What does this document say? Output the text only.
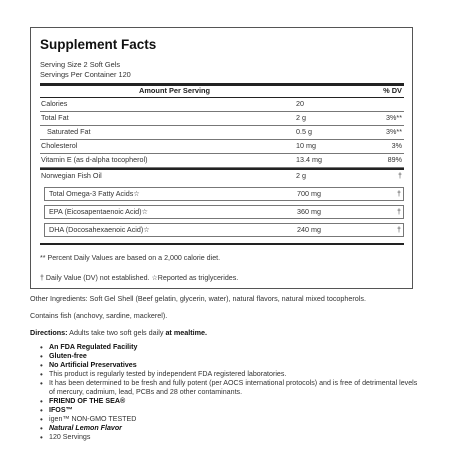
Supplement Facts
Serving Size 2 Soft Gels
Servings Per Container 120
Amount Per Serving	% DV
Calories	20
Total Fat	2 g	3%**
Saturated Fat	0.5 g	3%**
Cholesterol	10 mg	3%
Vitamin E (as d-alpha tocopherol)	13.4 mg	89%
Norwegian Fish Oil	2 g	†
Total Omega-3 Fatty Acids☆	700 mg	†
EPA (Eicosapentaenoic Acid)☆	360 mg	†
DHA (Docosahexaenoic Acid)☆	240 mg	†
** Percent Daily Values are based on a 2,000 calorie diet.
† Daily Value (DV) not established. ☆Reported as triglycerides.
Other Ingredients: Soft Gel Shell (Beef gelatin, glycerin, water), natural flavors, natural mixed tocopherols.
Contains fish (anchovy, sardine, mackerel).
Directions: Adults take two soft gels daily at mealtime.
• An FDA Regulated Facility
• Gluten-free
• No Artificial Preservatives
• This product is regularly tested by independent FDA registered laboratories.
• It has been determined to be fresh and fully potent (per AOCS international protocols) and is free of detrimental levels of mercury, cadmium, lead, PCBs and 28 other contaminants.
• FRIEND OF THE SEA®
• IFOS™
• igen™ NON-GMO TESTED
• Natural Lemon Flavor
• 120 Servings
